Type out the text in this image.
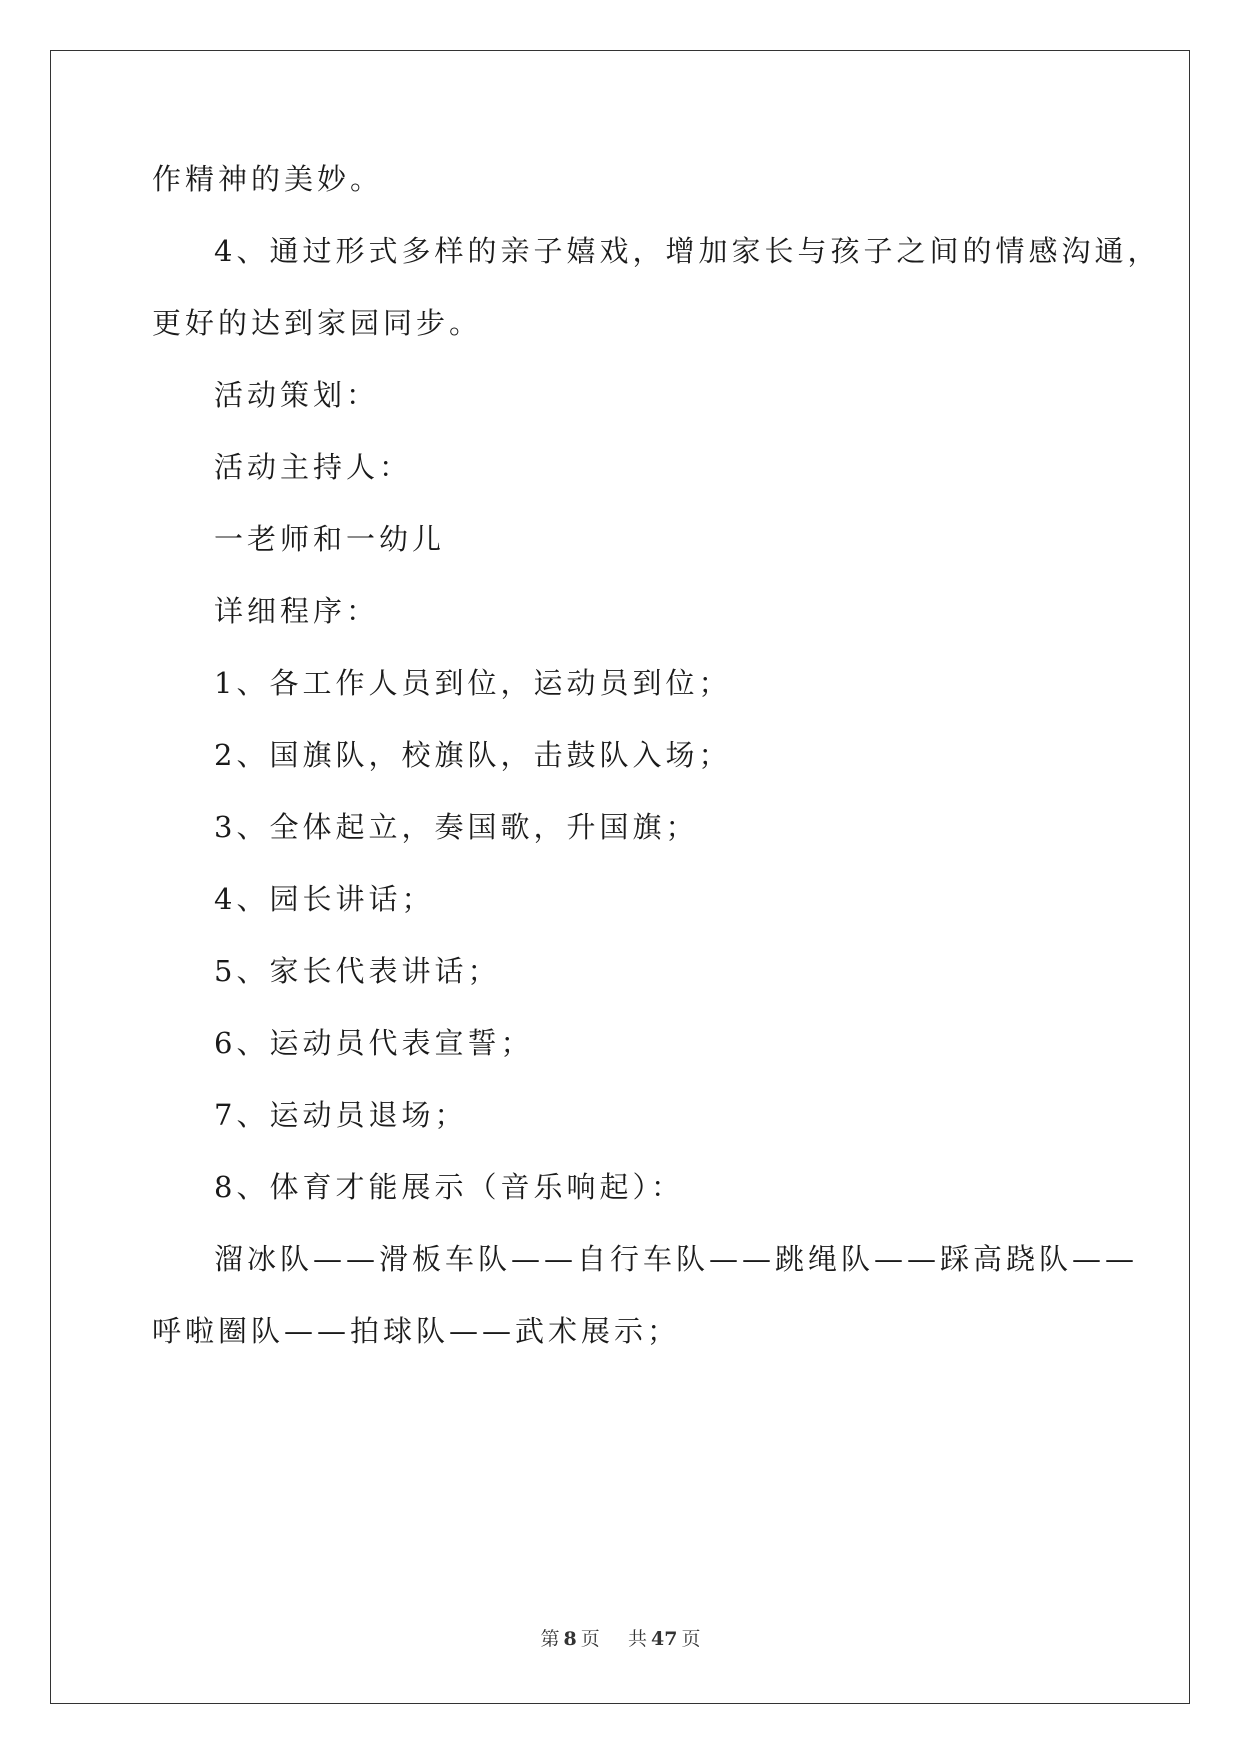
作精神的美妙。
4、通过形式多样的亲子嬉戏，增加家长与孩子之间的情感沟通，
更好的达到家园同步。
活动策划：
活动主持人：
一老师和一幼儿
详细程序：
1、各工作人员到位，运动员到位；
2、国旗队，校旗队，击鼓队入场；
3、全体起立，奏国歌，升国旗；
4、园长讲话；
5、家长代表讲话；
6、运动员代表宣誓；
7、运动员退场；
8、体育才能展示（音乐响起）：
溜冰队——滑板车队——自行车队——跳绳队——踩高跷队——
呼啦圈队——拍球队——武术展示；
第 8 页 共 47 页
